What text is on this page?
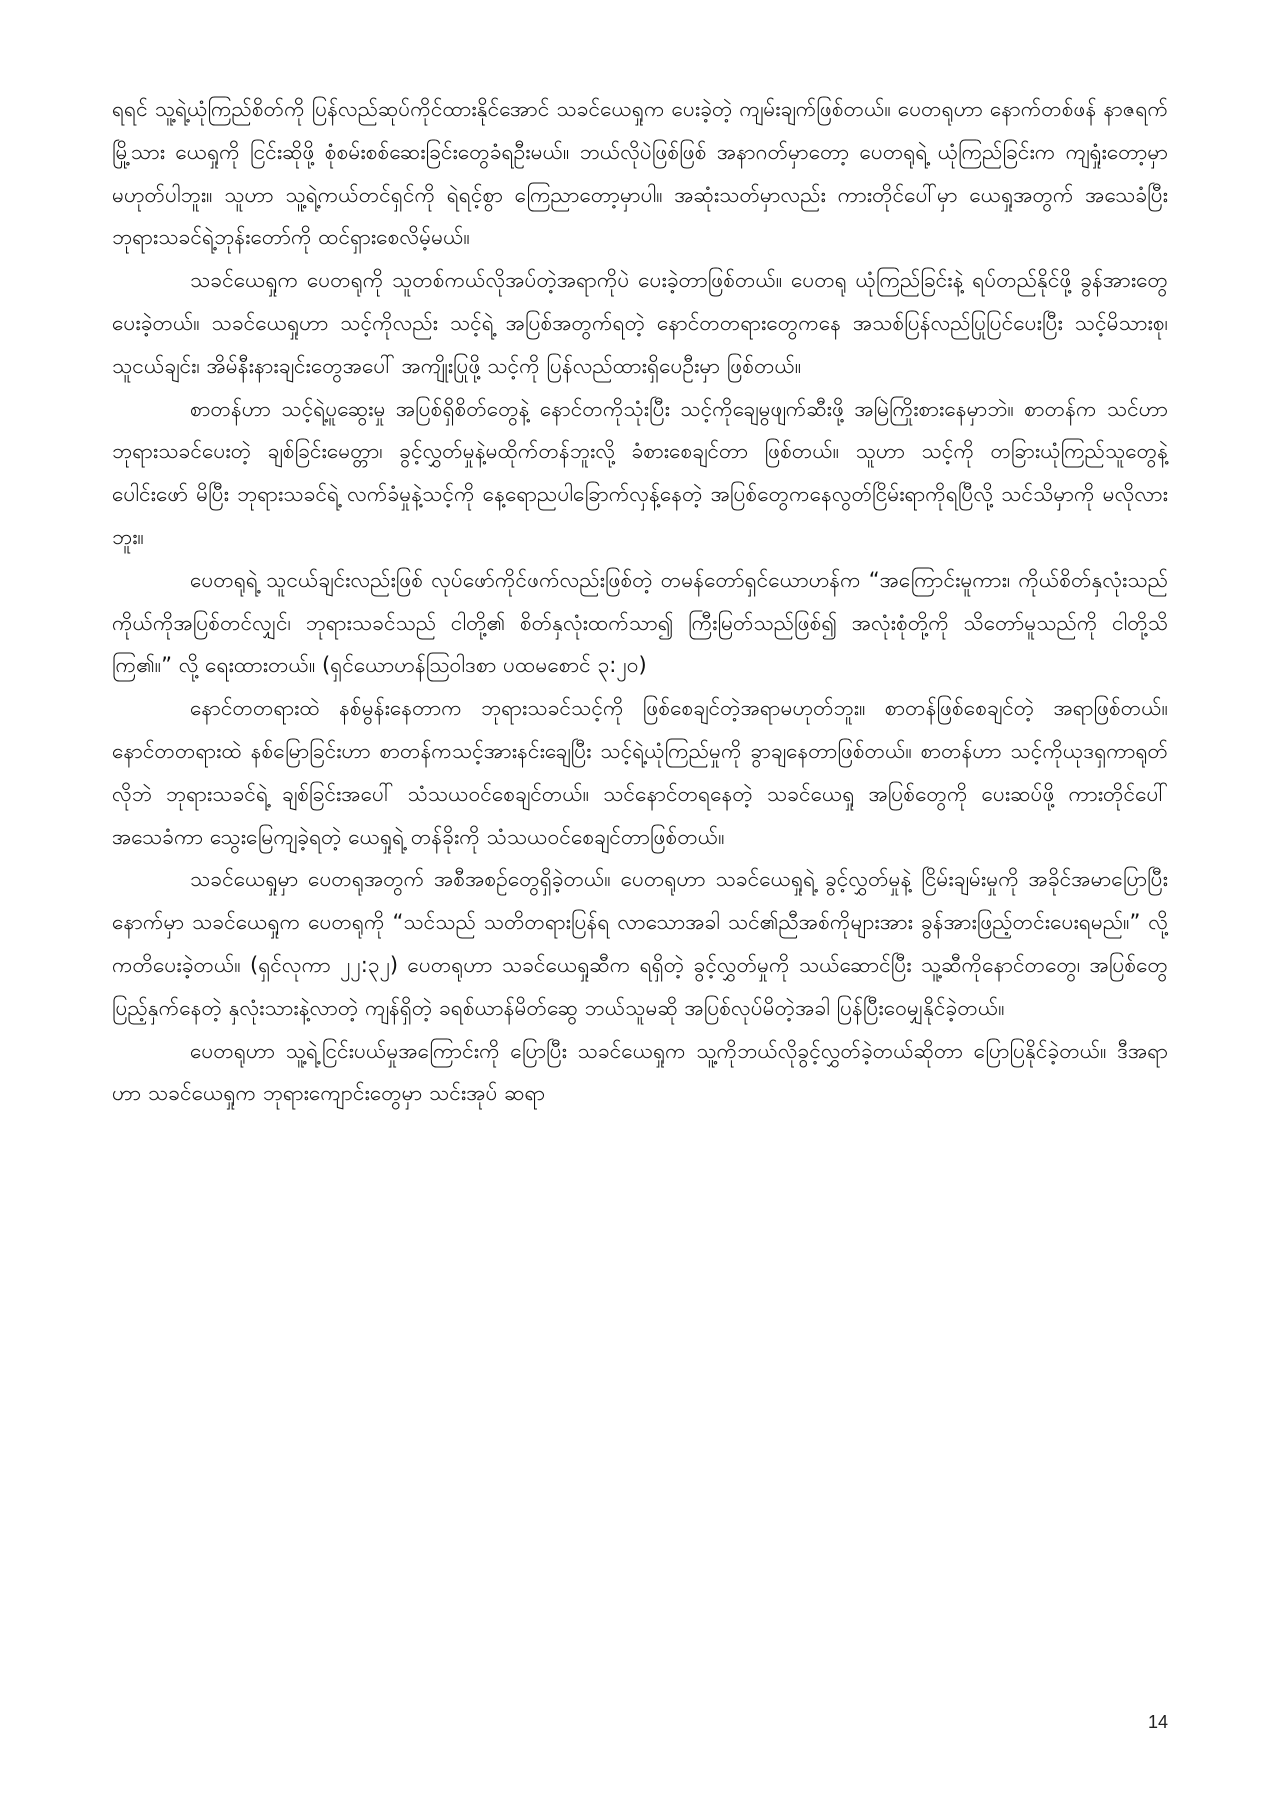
ရရင် သူ့ရဲ့ယုံကြည်စိတ်ကို ပြန်လည်ဆုပ်ကိုင်ထားနိုင်အောင် သခင်ယေရှုက ပေးခဲ့တဲ့ ကျမ်းချက်ဖြစ်တယ်။ ပေတရုဟာ နောက်တစ်ဖန် နာဇရက်မြို့သား ယေရှုကို ငြင်းဆိုဖို့ စုံစမ်းစစ်ဆေးခြင်းတွေခံရဦးမယ်။ ဘယ်လိုပဲဖြစ်ဖြစ် အနာဂတ်မှာတော့ ပေတရုရဲ့ ယုံကြည်ခြင်းက ကျရှုံးတော့မှာ မဟုတ်ပါဘူး။ သူဟာ သူ့ရဲ့ကယ်တင်ရှင်ကို ရဲရင့်စွာ ကြေညာတော့မှာပါ။ အဆုံးသတ်မှာလည်း ကားတိုင်ပေါ်မှာ ယေရှုအတွက် အသေခံပြီး ဘုရားသခင်ရဲ့ဘုန်းတော်ကို ထင်ရှားစေလိမ့်မယ်။

သခင်ယေရှုက ပေတရုကို သူတစ်ကယ်လိုအပ်တဲ့အရာကိုပဲ ပေးခဲ့တာဖြစ်တယ်။ ပေတရု ယုံကြည်ခြင်းနဲ့ ရပ်တည်နိုင်ဖို့ ခွန်အားတွေပေးခဲ့တယ်။ သခင်ယေရှုဟာ သင့်ကိုလည်း သင့်ရဲ့ အပြစ်အတွက်ရတဲ့ နောင်တတရားတွေကနေ အသစ်ပြန်လည်ပြုပြင်ပေးပြီး သင့်မိသားစု၊ သူငယ်ချင်း၊ အိမ်နီးနားချင်းတွေအပေါ် အကျိုးပြုဖို့ သင့်ကို ပြန်လည်ထားရှိပေဦးမှာ ဖြစ်တယ်။

စာတန်ဟာ သင့်ရဲ့ပူဆွေးမှု အပြစ်ရှိစိတ်တွေနဲ့ နောင်တကိုသုံးပြီး သင့်ကိုချေမွဖျက်ဆီးဖို့ အမြဲကြိုးစားနေမှာဘဲ။ စာတန်က သင်ဟာဘုရားသခင်ပေးတဲ့ ချစ်ခြင်းမေတ္တာ၊ ခွင့်လွှတ်မှုနဲ့မထိုက်တန်ဘူးလို့ ခံစားစေချင်တာ ဖြစ်တယ်။ သူဟာ သင့်ကို တခြားယုံကြည်သူတွေနဲ့ ပေါင်းဖော် မိပြီး ဘုရားသခင်ရဲ့ လက်ခံမှုနဲ့သင့်ကို နေ့ရောညပါခြောက်လှန့်နေတဲ့ အပြစ်တွေကနေလွတ်ငြိမ်းရာကိုရပြီလို့ သင်သိမှာကို မလိုလားဘူး။

ပေတရုရဲ့ သူငယ်ချင်းလည်းဖြစ် လုပ်ဖော်ကိုင်ဖက်လည်းဖြစ်တဲ့ တမန်တော်ရှင်ယောဟန်က “အကြောင်းမူကား၊ ကိုယ်စိတ်နှလုံးသည် ကိုယ်ကိုအပြစ်တင်လျှင်၊ ဘုရားသခင်သည် ငါတို့၏ စိတ်နှလုံးထက်သာ၍ ကြီးမြတ်သည်ဖြစ်၍ အလုံးစုံတို့ကို သိတော်မူသည်ကို ငါတို့သိကြ၏။” လို့ ရေးထားတယ်။ (ရှင်ယောဟန်ဩဝါဒစာ ပထမစောင် ၃:၂၀)

နောင်တတရားထဲ နစ်မွန်းနေတာက ဘုရားသခင်သင့်ကို ဖြစ်စေချင်တဲ့အရာမဟုတ်ဘူး။ စာတန်ဖြစ်စေချင်တဲ့ အရာဖြစ်တယ်။ နောင်တတရားထဲ နစ်မြောခြင်းဟာ စာတန်ကသင့်အားနင်းချေပြီး သင့်ရဲ့ယုံကြည်မှုကို ခွာချနေတာဖြစ်တယ်။ စာတန်ဟာ သင့်ကိုယုဒရှကာရုတ်လိုဘဲ ဘုရားသခင်ရဲ့ ချစ်ခြင်းအပေါ် သံသယဝင်စေချင်တယ်။ သင်နောင်တရနေတဲ့ သခင်ယေရှု အပြစ်တွေကို ပေးဆပ်ဖို့ ကားတိုင်ပေါ်အသေခံကာ သွေးမြေကျခဲ့ရတဲ့ ယေရှုရဲ့ တန်ခိုးကို သံသယဝင်စေချင်တာဖြစ်တယ်။

သခင်ယေရှုမှာ ပေတရုအတွက် အစီအစဉ်တွေရှိခဲ့တယ်။ ပေတရုဟာ သခင်ယေရှုရဲ့ ခွင့်လွှတ်မှုနဲ့ ငြိမ်းချမ်းမှုကို အခိုင်အမာပြောပြီး နောက်မှာ သခင်ယေရှုက ပေတရုကို “သင်သည် သတိတရားပြန်ရ လာသောအခါ သင်၏ညီအစ်ကိုများအား ခွန်အားဖြည့်တင်းပေးရမည်။” လို့ ကတိပေးခဲ့တယ်။ (ရှင်လုကာ ၂၂:၃၂) ပေတရုဟာ သခင်ယေရှုဆီက ရရှိတဲ့ ခွင့်လွှတ်မှုကို သယ်ဆောင်ပြီး သူ့ဆီကိုနောင်တတွေ၊ အပြစ်တွေပြည့်နှက်နေတဲ့ နှလုံးသားနဲ့လာတဲ့ ကျန်ရှိတဲ့ ခရစ်ယာန်မိတ်ဆွေ ဘယ်သူမဆို အပြစ်လုပ်မိတဲ့အခါ ပြန်ပြီးဝေမျှနိုင်ခဲ့တယ်။

ပေတရုဟာ သူ့ရဲ့ငြင်းပယ်မှုအကြောင်းကို ပြောပြီး သခင်ယေရှုက သူ့ကိုဘယ်လိုခွင့်လွှတ်ခဲ့တယ်ဆိုတာ ပြောပြနိုင်ခဲ့တယ်။ ဒီအရာဟာ သခင်ယေရှုက ဘုရားကျောင်းတွေမှာ သင်းအုပ် ဆရာ

14
